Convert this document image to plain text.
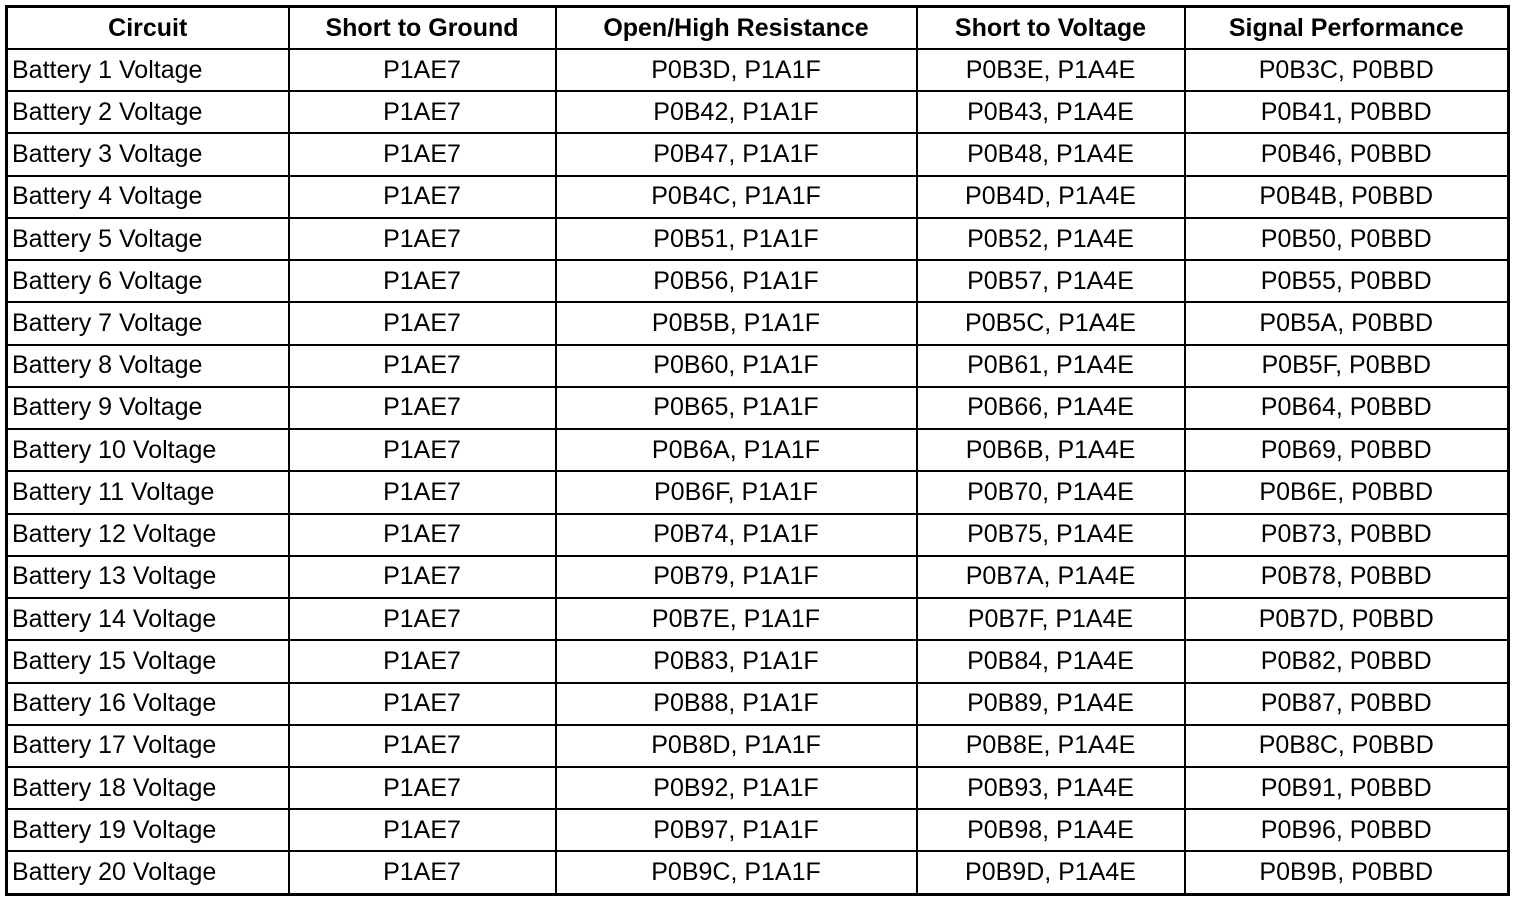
Circuit	Short to Ground	Open/High Resistance	Short to Voltage	Signal Performance
Battery 1 Voltage	P1AE7	P0B3D, P1A1F	P0B3E, P1A4E	P0B3C, P0BBD
Battery 2 Voltage	P1AE7	P0B42, P1A1F	P0B43, P1A4E	P0B41, P0BBD
Battery 3 Voltage	P1AE7	P0B47, P1A1F	P0B48, P1A4E	P0B46, P0BBD
Battery 4 Voltage	P1AE7	P0B4C, P1A1F	P0B4D, P1A4E	P0B4B, P0BBD
Battery 5 Voltage	P1AE7	P0B51, P1A1F	P0B52, P1A4E	P0B50, P0BBD
Battery 6 Voltage	P1AE7	P0B56, P1A1F	P0B57, P1A4E	P0B55, P0BBD
Battery 7 Voltage	P1AE7	P0B5B, P1A1F	P0B5C, P1A4E	P0B5A, P0BBD
Battery 8 Voltage	P1AE7	P0B60, P1A1F	P0B61, P1A4E	P0B5F, P0BBD
Battery 9 Voltage	P1AE7	P0B65, P1A1F	P0B66, P1A4E	P0B64, P0BBD
Battery 10 Voltage	P1AE7	P0B6A, P1A1F	P0B6B, P1A4E	P0B69, P0BBD
Battery 11 Voltage	P1AE7	P0B6F, P1A1F	P0B70, P1A4E	P0B6E, P0BBD
Battery 12 Voltage	P1AE7	P0B74, P1A1F	P0B75, P1A4E	P0B73, P0BBD
Battery 13 Voltage	P1AE7	P0B79, P1A1F	P0B7A, P1A4E	P0B78, P0BBD
Battery 14 Voltage	P1AE7	P0B7E, P1A1F	P0B7F, P1A4E	P0B7D, P0BBD
Battery 15 Voltage	P1AE7	P0B83, P1A1F	P0B84, P1A4E	P0B82, P0BBD
Battery 16 Voltage	P1AE7	P0B88, P1A1F	P0B89, P1A4E	P0B87, P0BBD
Battery 17 Voltage	P1AE7	P0B8D, P1A1F	P0B8E, P1A4E	P0B8C, P0BBD
Battery 18 Voltage	P1AE7	P0B92, P1A1F	P0B93, P1A4E	P0B91, P0BBD
Battery 19 Voltage	P1AE7	P0B97, P1A1F	P0B98, P1A4E	P0B96, P0BBD
Battery 20 Voltage	P1AE7	P0B9C, P1A1F	P0B9D, P1A4E	P0B9B, P0BBD
